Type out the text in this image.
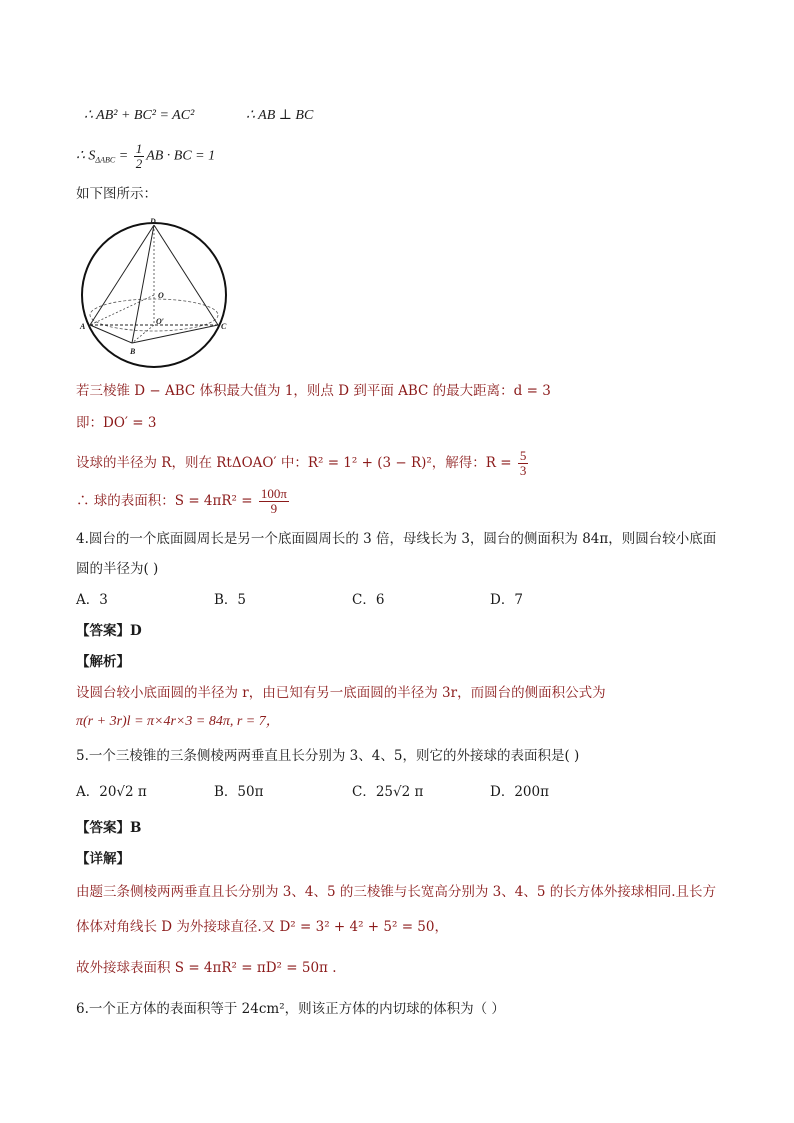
∴ AB² + BC² = AC²	∴ AB ⊥ BC
∴ $S_{\Delta ABC} = \frac{1}{2}$ AB · BC = 1
如下图所示：
D
O
O′
A
B
C
若三棱锥 D − ABC 体积最大值为 1，则点 D 到平面 ABC 的最大距离：d = 3
即：DO′ = 3
设球的半径为 R，则在 RtΔOAO′ 中：R² = 1² + (3 − R)²，解得：$R = \frac{5}{3}$
∴ 球的表面积：$S = 4\pi R^2 = \frac{100\pi}{9}$
4.圆台的一个底面圆周长是另一个底面圆周长的 3 倍，母线长为 3，圆台的侧面积为 84π，则圆台较小底面
圆的半径为( )
A．3	B．5	C．6	D．7
【答案】D
【解析】
设圆台较小底面圆的半径为 r，由已知有另一底面圆的半径为 3r，而圆台的侧面积公式为
π(r + 3r)l = π×4r×3 = 84π, r = 7，
5.一个三棱锥的三条侧棱两两垂直且长分别为 3、4、5，则它的外接球的表面积是( )
A．20√2 π	B．50π	C．25√2 π	D．200π
【答案】B
【详解】
由题三条侧棱两两垂直且长分别为 3、4、5 的三棱锥与长宽高分别为 3、4、5 的长方体外接球相同.且长方
体体对角线长 D 为外接球直径.又 D² = 3² + 4² + 5² = 50，
故外接球表面积 S = 4πR² = πD² = 50π .
6.一个正方体的表面积等于 24cm²，则该正方体的内切球的体积为（ ）
